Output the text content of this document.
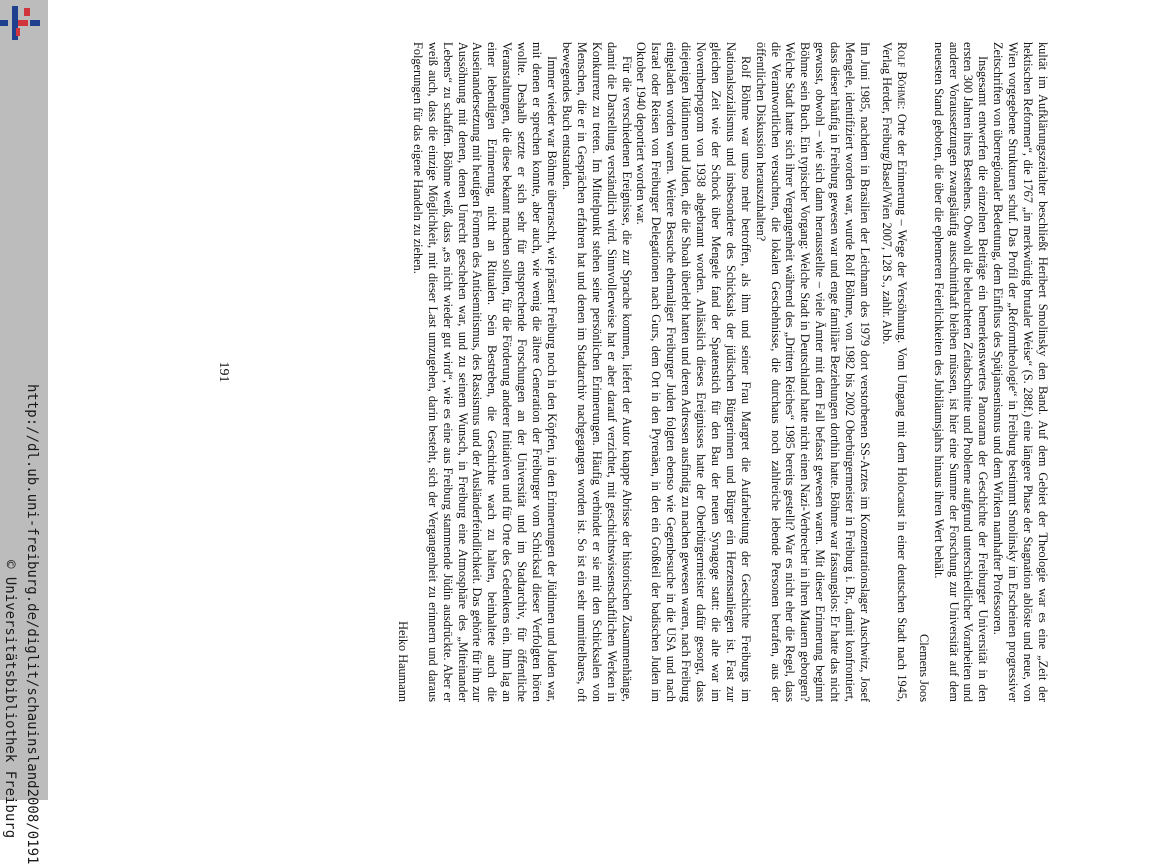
http://dl.ub.uni-freiburg.de/diglit/schauinsland2008/0191
© Universitätsbibliothek Freiburg	kultät im Aufklärungszeitalter beschließt Heribert Smolinsky den Band. Auf dem Gebiet der Theologie war es eine „Zeit der hektischen Reformen“, die 1767 „in merkwürdig brutaler Weise“ (S. 288f.) eine längere Phase der Stagnation ablöste und neue, von Wien vorgegebene Strukturen schuf. Das Profil der „Reformtheologie“ in Freiburg bestimmt Smolinsky im Erscheinen progressiver Zeitschriften von überregionaler Bedeutung, dem Einfluss des Spätjansenismus und dem Wirken namhafter Professoren.

Insgesamt entwerfen die einzelnen Beiträge ein bemerkenswertes Panorama der Geschichte der Freiburger Universität in den ersten 300 Jahren ihres Bestehens. Obwohl die beleuchteten Zeitabschnitte und Probleme aufgrund unterschiedlicher Vorarbeiten und anderer Voraussetzungen zwangsläufig ausschnitthaft bleiben müssen, ist hier eine Summe der Forschung zur Universität auf dem neuesten Stand geboten, die über die ephemeren Feierlichkeiten des Jubiläumsjahrs hinaus ihren Wert behält.

Clemens Joos

Rolf Böhme: Orte der Erinnerung – Wege der Versöhnung. Vom Umgang mit dem Holocaust in einer deutschen Stadt nach 1945, Verlag Herder, Freiburg/Basel/Wien 2007, 128 S., zahlr. Abb.

Im Juni 1985, nachdem in Brasilien der Leichnam des 1979 dort verstorbenen SS-Arztes im Konzentrationslager Auschwitz, Josef Mengele, identifiziert worden war, wurde Rolf Böhme, von 1982 bis 2002 Oberbürgermeister in Freiburg i. Br., damit konfrontiert, dass dieser häufig in Freiburg gewesen war und enge familiäre Beziehungen dorthin hatte. Böhme war fassungslos: Er hatte das nicht gewusst, obwohl – wie sich dann herausstellte – viele Ämter mit dem Fall befasst gewesen waren. Mit dieser Erinnerung beginnt Böhme sein Buch. Ein typischer Vorgang: Welche Stadt in Deutschland hatte nicht einen Nazi-Verbrecher in ihren Mauern geborgen? Welche Stadt hatte sich ihrer Vergangenheit während des „Dritten Reiches“ 1985 bereits gestellt? War es nicht eher die Regel, dass die Verantwortlichen versuchten, die lokalen Geschehnisse, die durchaus noch zahlreiche lebende Personen betrafen, aus der öffentlichen Diskussion herauszuhalten?

Rolf Böhme war umso mehr betroffen, als ihm und seiner Frau Margret die Aufarbeitung der Geschichte Freiburgs im Nationalsozialismus und insbesondere des Schicksals der jüdischen Bürgerinnen und Bürger ein Herzensanliegen ist. Fast zur gleichen Zeit wie der Schock über Mengele fand der Spatenstich für den Bau der neuen Synagoge statt: die alte war im Novemberpogrom von 1938 abgebrannt worden. Anlässlich dieses Ereignisses hatte der Oberbürgermeister dafür gesorgt, dass diejenigen Jüdinnen und Juden, die die Shoah überlebt hatten und deren Adressen ausfindig zu machen gewesen waren, nach Freiburg eingeladen worden waren. Weitere Besuche ehemaliger Freiburger Juden folgten ebenso wie Gegenbesuche in die USA und nach Israel oder Reisen von Freiburger Delegationen nach Gurs, dem Ort in den Pyrenäen, in den ein Großteil der badischen Juden im Oktober 1940 deportiert worden war.

Für die verschiedenen Ereignisse, die zur Sprache kommen, liefert der Autor knappe Abrisse der historischen Zusammenhänge, damit die Darstellung verständlich wird. Sinnvollerweise hat er aber darauf verzichtet, mit geschichtswissenschaftlichen Werken in Konkurrenz zu treten. Im Mittelpunkt stehen seine persönlichen Erinnerungen. Häufig verbindet er sie mit den Schicksalen von Menschen, die er in Gesprächen erfahren hat und denen im Stadtarchiv nachgegangen worden ist. So ist ein sehr unmittelbares, oft bewegendes Buch entstanden.

Immer wieder war Böhme überrascht, wie präsent Freiburg noch in den Köpfen, in den Erinnerungen der Jüdinnen und Juden war, mit denen er sprechen konnte, aber auch, wie wenig die ältere Generation der Freiburger vom Schicksal dieser Verfolgten hören wollte. Deshalb setzte er sich sehr für entsprechende Forschungen an der Universität und im Stadtarchiv, für öffentliche Veranstaltungen, die diese bekannt machen sollten, für die Förderung anderer Initiativen und für Orte des Gedenkens ein. Ihm lag an einer lebendigen Erinnerung, nicht an Ritualen. Sein Bestreben, die Geschichte wach zu halten, beinhaltete auch die Auseinandersetzung mit heutigen Formen des Antisemitismus, des Rassismus und der Ausländerfeindlichkeit. Das gehörte für ihn zur Aussöhnung mit denen, denen Unrecht geschehen war, und zu seinem Wunsch, in Freiburg eine Atmosphäre des „Miteinander Lebens“ zu schaffen. Böhme weiß, dass „es nicht wieder gut wird“, wie es eine aus Freiburg stammende Jüdin ausdrückte. Aber er weiß auch, dass die einzige Möglichkeit, mit dieser Last umzugehen, darin besteht, sich der Vergangenheit zu erinnern und daraus Folgerungen für das eigene Handeln zu ziehen.

Heiko Haumann

191
